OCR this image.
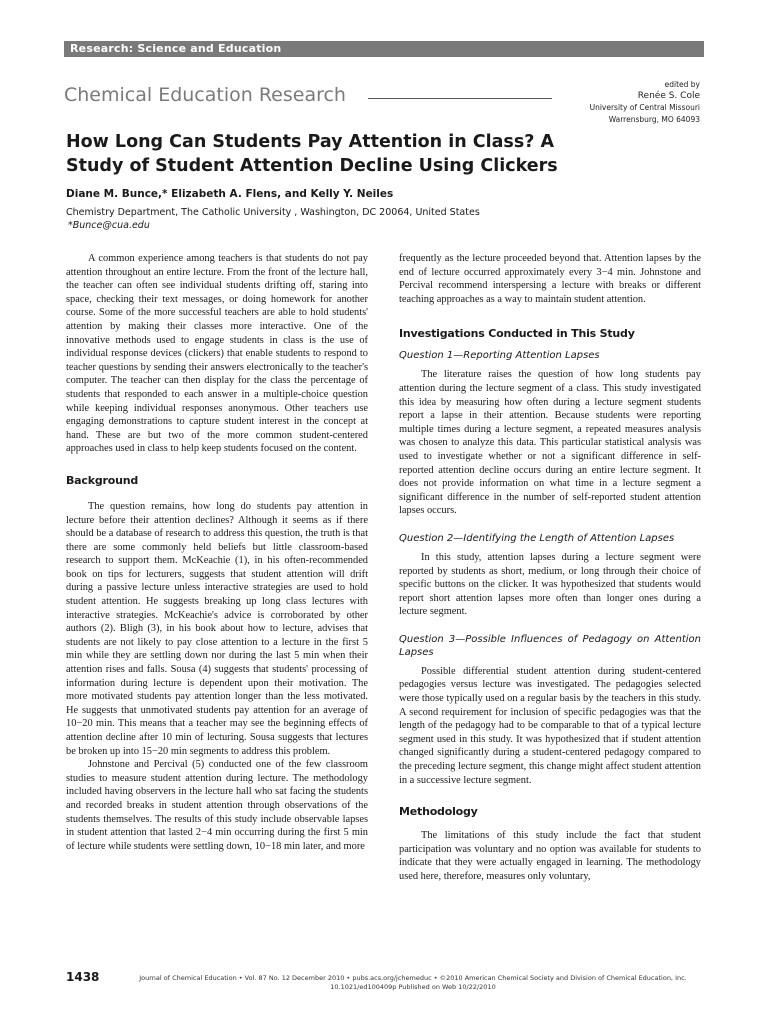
Research: Science and Education
Chemical Education Research	edited by
Renée S. Cole
University of Central Missouri
Warrensburg, MO 64093
How Long Can Students Pay Attention in Class? A Study of Student Attention Decline Using Clickers
Diane M. Bunce,* Elizabeth A. Flens, and Kelly Y. Neiles
Chemistry Department, The Catholic University , Washington, DC 20064, United States
*Bunce@cua.edu

A common experience among teachers is that students do not pay attention throughout an entire lecture. From the front of the lecture hall, the teacher can often see individual students drifting off, staring into space, checking their text messages, or doing homework for another course. Some of the more successful teachers are able to hold students' attention by making their classes more interactive. One of the innovative methods used to engage students in class is the use of individual response devices (clickers) that enable students to respond to teacher questions by sending their answers electronically to the teacher's computer. The teacher can then display for the class the percentage of students that responded to each answer in a multiple-choice question while keeping individual responses anonymous. Other teachers use engaging demonstrations to capture student interest in the concept at hand. These are but two of the more common student-centered approaches used in class to help keep students focused on the content.

Background

The question remains, how long do students pay attention in lecture before their attention declines? Although it seems as if there should be a database of research to address this question, the truth is that there are some commonly held beliefs but little classroom-based research to support them. McKeachie (1), in his often-recommended book on tips for lecturers, suggests that student attention will drift during a passive lecture unless interactive strategies are used to hold student attention. He suggests breaking up long class lectures with interactive strategies. McKeachie's advice is corroborated by other authors (2). Bligh (3), in his book about how to lecture, advises that students are not likely to pay close attention to a lecture in the first 5 min while they are settling down nor during the last 5 min when their attention rises and falls. Sousa (4) suggests that students' processing of information during lecture is dependent upon their motivation. The more motivated students pay attention longer than the less motivated. He suggests that unmotivated students pay attention for an average of 10−20 min. This means that a teacher may see the beginning effects of attention decline after 10 min of lecturing. Sousa suggests that lectures be broken up into 15−20 min segments to address this problem.

Johnstone and Percival (5) conducted one of the few classroom studies to measure student attention during lecture. The methodology included having observers in the lecture hall who sat facing the students and recorded breaks in student attention through observations of the students themselves. The results of this study include observable lapses in student attention that lasted 2−4 min occurring during the first 5 min of lecture while students were settling down, 10−18 min later, and more

frequently as the lecture proceeded beyond that. Attention lapses by the end of lecture occurred approximately every 3−4 min. Johnstone and Percival recommend interspersing a lecture with breaks or different teaching approaches as a way to maintain student attention.

Investigations Conducted in This Study
Question 1—Reporting Attention Lapses

The literature raises the question of how long students pay attention during the lecture segment of a class. This study investigated this idea by measuring how often during a lecture segment students report a lapse in their attention. Because students were reporting multiple times during a lecture segment, a repeated measures analysis was chosen to analyze this data. This particular statistical analysis was used to investigate whether or not a significant difference in self-reported attention decline occurs during an entire lecture segment. It does not provide information on what time in a lecture segment a significant difference in the number of self-reported student attention lapses occurs.

Question 2—Identifying the Length of Attention Lapses

In this study, attention lapses during a lecture segment were reported by students as short, medium, or long through their choice of specific buttons on the clicker. It was hypothesized that students would report short attention lapses more often than longer ones during a lecture segment.

Question 3—Possible Influences of Pedagogy on Attention Lapses

Possible differential student attention during student-centered pedagogies versus lecture was investigated. The pedagogies selected were those typically used on a regular basis by the teachers in this study. A second requirement for inclusion of specific pedagogies was that the length of the pedagogy had to be comparable to that of a typical lecture segment used in this study. It was hypothesized that if student attention changed significantly during a student-centered pedagogy compared to the preceding lecture segment, this change might affect student attention in a successive lecture segment.

Methodology

The limitations of this study include the fact that student participation was voluntary and no option was available for students to indicate that they were actually engaged in learning. The methodology used here, therefore, measures only voluntary,

1438	Journal of Chemical Education • Vol. 87 No. 12 December 2010 • pubs.acs.org/jchemeduc • ©2010 American Chemical Society and Division of Chemical Education, Inc.
10.1021/ed100409p Published on Web 10/22/2010
